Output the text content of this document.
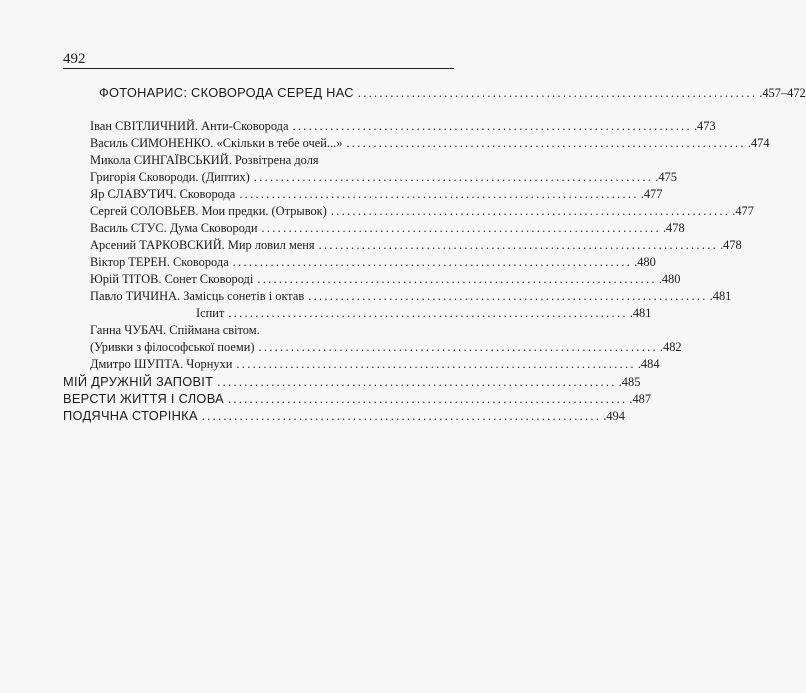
492
ФОТОНАРИС: СКОВОРОДА СЕРЕД НАС .......................................................................... .457–472
Іван СВІТЛИЧНИЙ. Анти-Сковорода .......................................................................... .473
Василь СИМОНЕНКО. «Скільки в тебе очей...» .......................................................................... .474
Микола СИНГАЇВСЬКИЙ. Розвітрена доля
Григорія Сковороди. (Диптих) .......................................................................... .475
Яр СЛАВУТИЧ. Сковорода .......................................................................... .477
Сергей СОЛОВЬЕВ. Мои предки. (Отрывок) .......................................................................... .477
Василь СТУС. Дума Сковороди .......................................................................... .478
Арсений ТАРКОВСКИЙ. Мир ловил меня .......................................................................... .478
Віктор ТЕРЕН. Сковорода .......................................................................... .480
Юрій ТІТОВ. Сонет Сковороді .......................................................................... .480
Павло ТИЧИНА. Замісць сонетів і октав .......................................................................... .481
Іспит .......................................................................... .481
Ганна ЧУБАЧ. Спіймана світом.
(Уривки з філософської поеми) .......................................................................... .482
Дмитро ШУПТА. Чорнухи .......................................................................... .484
МІЙ ДРУЖНІЙ ЗАПОВІТ .......................................................................... .485
ВЕРСТИ ЖИТТЯ І СЛОВА .......................................................................... .487
ПОДЯЧНА СТОРІНКА .......................................................................... .494
